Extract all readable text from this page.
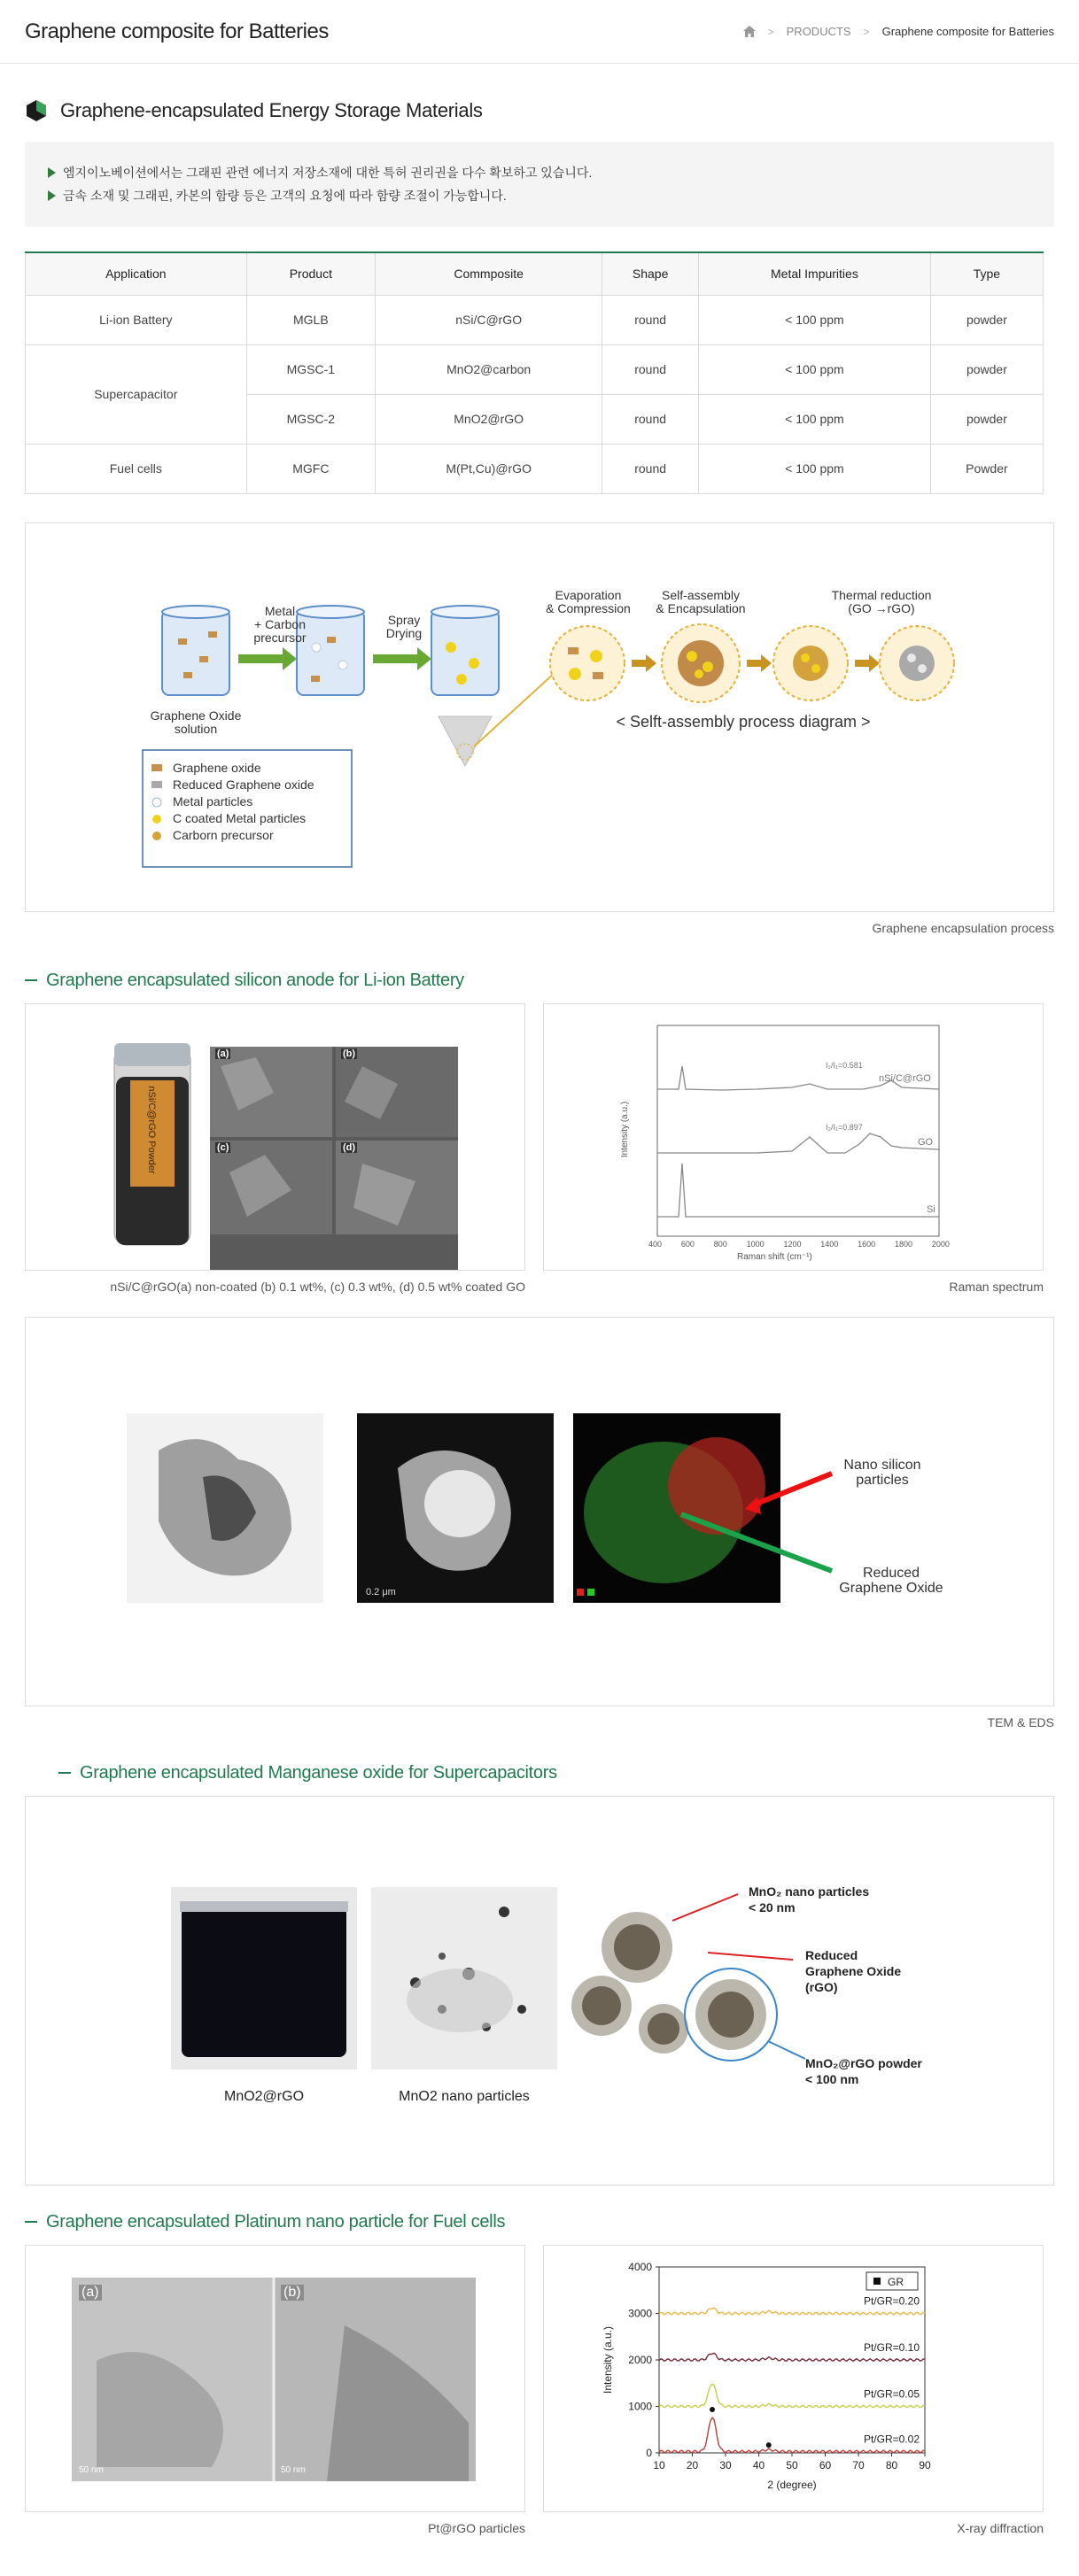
Graphene composite for Batteries	> PRODUCTS > Graphene composite for Batteries
Graphene-encapsulated Energy Storage Materials
엠지이노베이션에서는 그래핀 관련 에너지 저장소재에 대한 특허 권리권을 다수 확보하고 있습니다.
금속 소재 및 그래핀, 카본의 함량 등은 고객의 요청에 따라 함량 조절이 가능합니다.
Application	Product	Commposite	Shape	Metal Impurities	Type
Li-ion Battery	MGLB	nSi/C@rGO	round	< 100 ppm	powder
Supercapacitor	MGSC-1	MnO2@carbon	round	< 100 ppm	powder
	MGSC-2	MnO2@rGO	round	< 100 ppm	powder
Fuel cells	MGFC	M(Pt,Cu)@rGO	round	< 100 ppm	Powder
Metal
+ Carbon
precursor
Spray
Drying
Graphene Oxide
solution
Evaporation
& Compression
Self-assembly
& Encapsulation
Thermal reduction
(GO →rGO)
< Selft-assembly process diagram >
Graphene oxide
Reduced Graphene oxide
Metal particles
C coated Metal particles
Carborn precursor
Graphene encapsulation process
Graphene encapsulated silicon anode for Li-ion Battery
nSi/C@rGO Powder
(a)	(b)
(c)	(d)
nSi/C@rGO
GO
Si
I₂/I₁=0.581
I₂/I₁=0.897
Intensity (a.u.)
400 600 800 1000 1200 1400 1600 1800 2000
Raman shift (cm⁻¹)
nSi/C@rGO(a) non-coated (b) 0.1 wt%, (c) 0.3 wt%, (d) 0.5 wt% coated GO	Raman spectrum
0.2 μm
Nano silicon
particles
Reduced
Graphene Oxide
TEM & EDS
Graphene encapsulated Manganese oxide for Supercapacitors
MnO2@rGO	MnO2 nano particles
MnO₂ nano particles
< 20 nm
Reduced
Graphene Oxide
(rGO)
MnO₂@rGO powder
< 100 nm
Graphene encapsulated Platinum nano particle for Fuel cells
(a)	(b)
50 nm	50 nm	10 20 30 40 50 60 70 80 90
0
1000
2000
3000
4000
2 (degree)
Intensity (a.u.)
Pt/GR=0.20
Pt/GR=0.10
Pt/GR=0.05
Pt/GR=0.02
GR
Pt@rGO particles	X-ray diffraction
